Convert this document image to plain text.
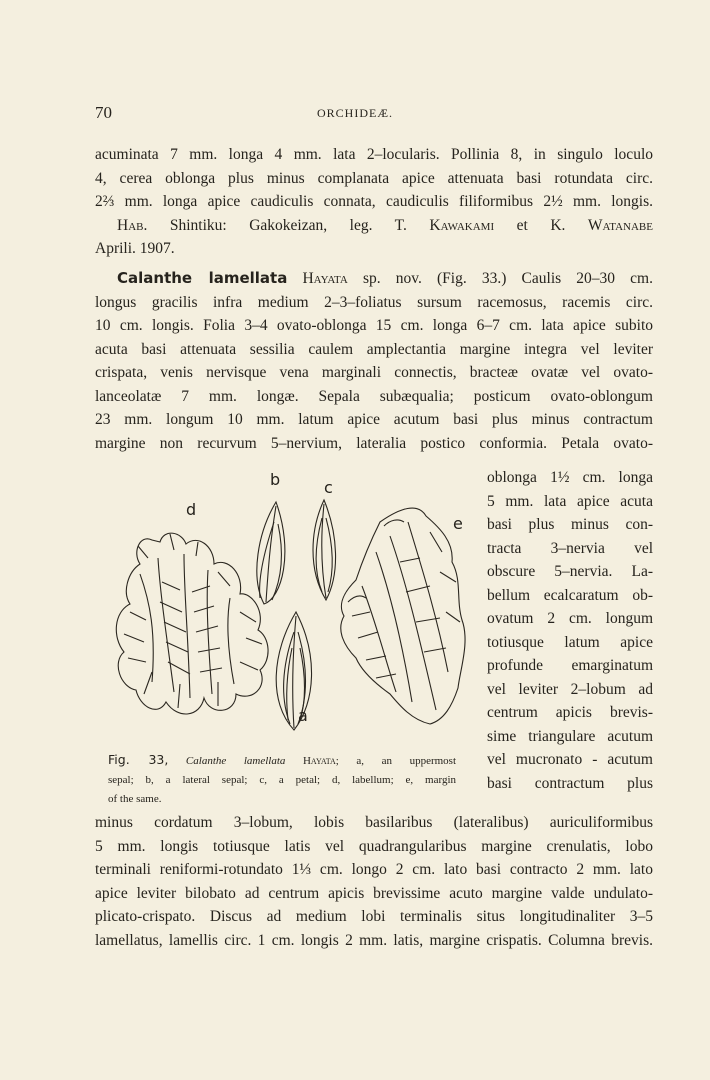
70	ORCHIDEÆ.
acuminata 7 mm. longa 4 mm. lata 2–locularis. Pollinia 8, in singulo loculo
4, cerea oblonga plus minus complanata apice attenuata basi rotundata circ.
2⅔ mm. longa apice caudiculis connata, caudiculis filiformibus 2½ mm. longis.
Hab. Shintiku: Gakokeizan, leg. T. Kawakami et K. Watanabe
Aprili. 1907.
Calanthe lamellata Hayata sp. nov. (Fig. 33.) Caulis 20–30 cm.
longus gracilis infra medium 2–3–foliatus sursum racemosus, racemis circ.
10 cm. longis. Folia 3–4 ovato-oblonga 15 cm. longa 6–7 cm. lata apice subito
acuta basi attenuata sessilia caulem amplectantia margine integra vel leviter
crispata, venis nervisque vena marginali connectis, bracteæ ovatæ vel ovato-
lanceolatæ 7 mm. longæ. Sepala subæqualia; posticum ovato-oblongum
23 mm. longum 10 mm. latum apice acutum basi plus minus contractum
margine non recurvum 5–nervium, lateralia postico conformia. Petala ovato-
oblonga 1½ cm. longa
5 mm. lata apice acuta
basi plus minus con-
tracta 3–nervia vel
obscure 5–nervia. La-
bellum ecalcaratum ob-
ovatum 2 cm. longum
totiusque latum apice
profunde emarginatum
vel leviter 2–lobum ad
centrum apicis brevis-
sime triangulare acutum
vel mucronato - acutum
basi contractum plus
b	c
d
e
a
Fig. 33, Calanthe lamellata Hayata; a, an uppermost
sepal; b, a lateral sepal; c, a petal; d, labellum; e, margin
of the same.
minus cordatum 3–lobum, lobis basilaribus (lateralibus) auriculiformibus
5 mm. longis totiusque latis vel quadrangularibus margine crenulatis, lobo
terminali reniformi-rotundato 1⅓ cm. longo 2 cm. lato basi contracto 2 mm. lato
apice leviter bilobato ad centrum apicis brevissime acuto margine valde undulato-
plicato-crispato. Discus ad medium lobi terminalis situs longitudinaliter 3–5
lamellatus, lamellis circ. 1 cm. longis 2 mm. latis, margine crispatis. Columna brevis.
